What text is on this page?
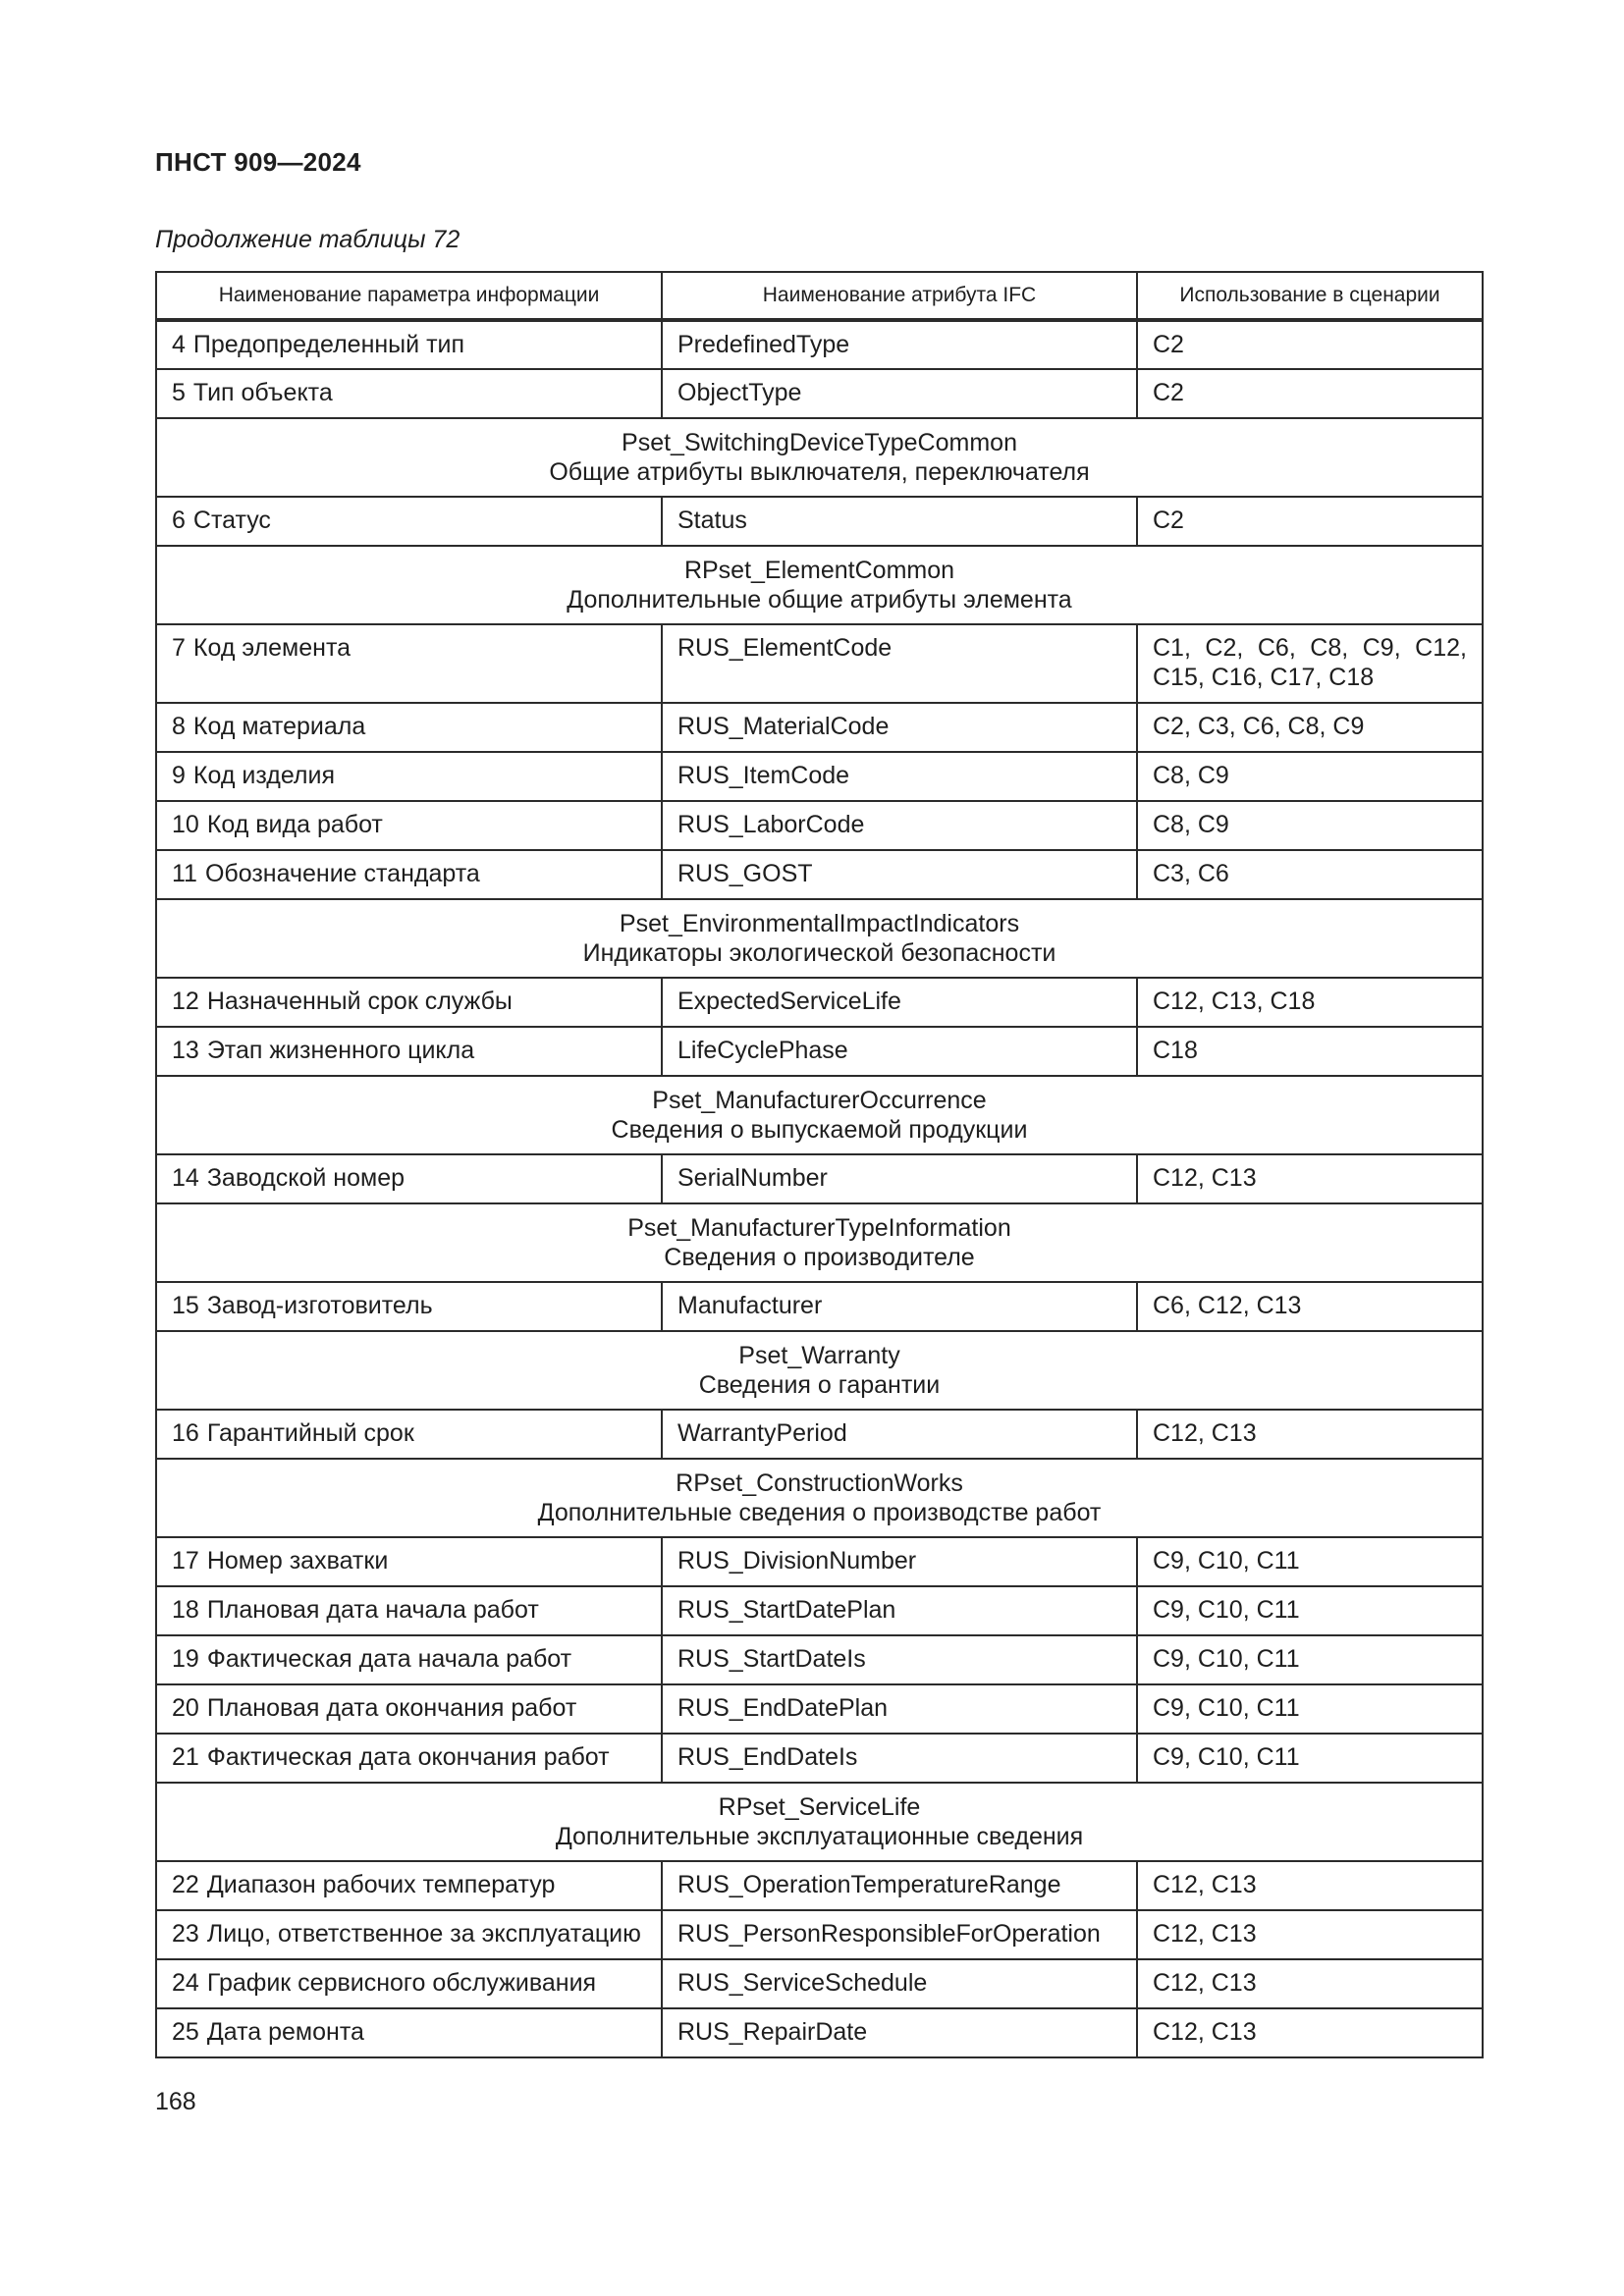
ПНСТ 909—2024
Продолжение таблицы 72
Наименование параметра информации	Наименование атрибута IFC	Использование в сценарии
4 Предопределенный тип	PredefinedType	C2
5 Тип объекта	ObjectType	C2

Pset_SwitchingDeviceTypeCommon
Общие атрибуты выключателя, переключателя		

6 Статус	Status	C2

RPset_ElementCommon
Дополнительные общие атрибуты элемента		

7 Код элемента	RUS_ElementCode	C1, C2, C6, C8, C9, C12, C15, C16, C17, C18
8 Код материала	RUS_MaterialCode	C2, C3, C6, C8, C9
9 Код изделия	RUS_ItemCode	C8, C9
10 Код вида работ	RUS_LaborCode	C8, C9
11 Обозначение стандарта	RUS_GOST	C3, C6

Pset_EnvironmentalImpactIndicators
Индикаторы экологической безопасности		

12 Назначенный срок службы	ExpectedServiceLife	C12, C13, C18
13 Этап жизненного цикла	LifeCyclePhase	C18

Pset_ManufacturerOccurrence
Сведения о выпускаемой продукции		

14 Заводской номер	SerialNumber	C12, C13

Pset_ManufacturerTypeInformation
Сведения о производителе		

15 Завод-изготовитель	Manufacturer	C6, C12, C13

Pset_Warranty
Сведения о гарантии		

16 Гарантийный срок	WarrantyPeriod	C12, C13

RPset_ConstructionWorks
Дополнительные сведения о производстве работ		

17 Номер захватки	RUS_DivisionNumber	C9, C10, C11
18 Плановая дата начала работ	RUS_StartDatePlan	C9, C10, C11
19 Фактическая дата начала работ	RUS_StartDateIs	C9, C10, C11
20 Плановая дата окончания работ	RUS_EndDatePlan	C9, C10, C11
21 Фактическая дата окончания работ	RUS_EndDateIs	C9, C10, C11

RPset_ServiceLife
Дополнительные эксплуатационные сведения		

22 Диапазон рабочих температур	RUS_OperationTemperatureRange	C12, C13
23 Лицо, ответственное за эксплуатацию	RUS_PersonResponsibleForOperation	C12, C13
24 График сервисного обслуживания	RUS_ServiceSchedule	C12, C13
25 Дата ремонта	RUS_RepairDate	C12, C13
168
